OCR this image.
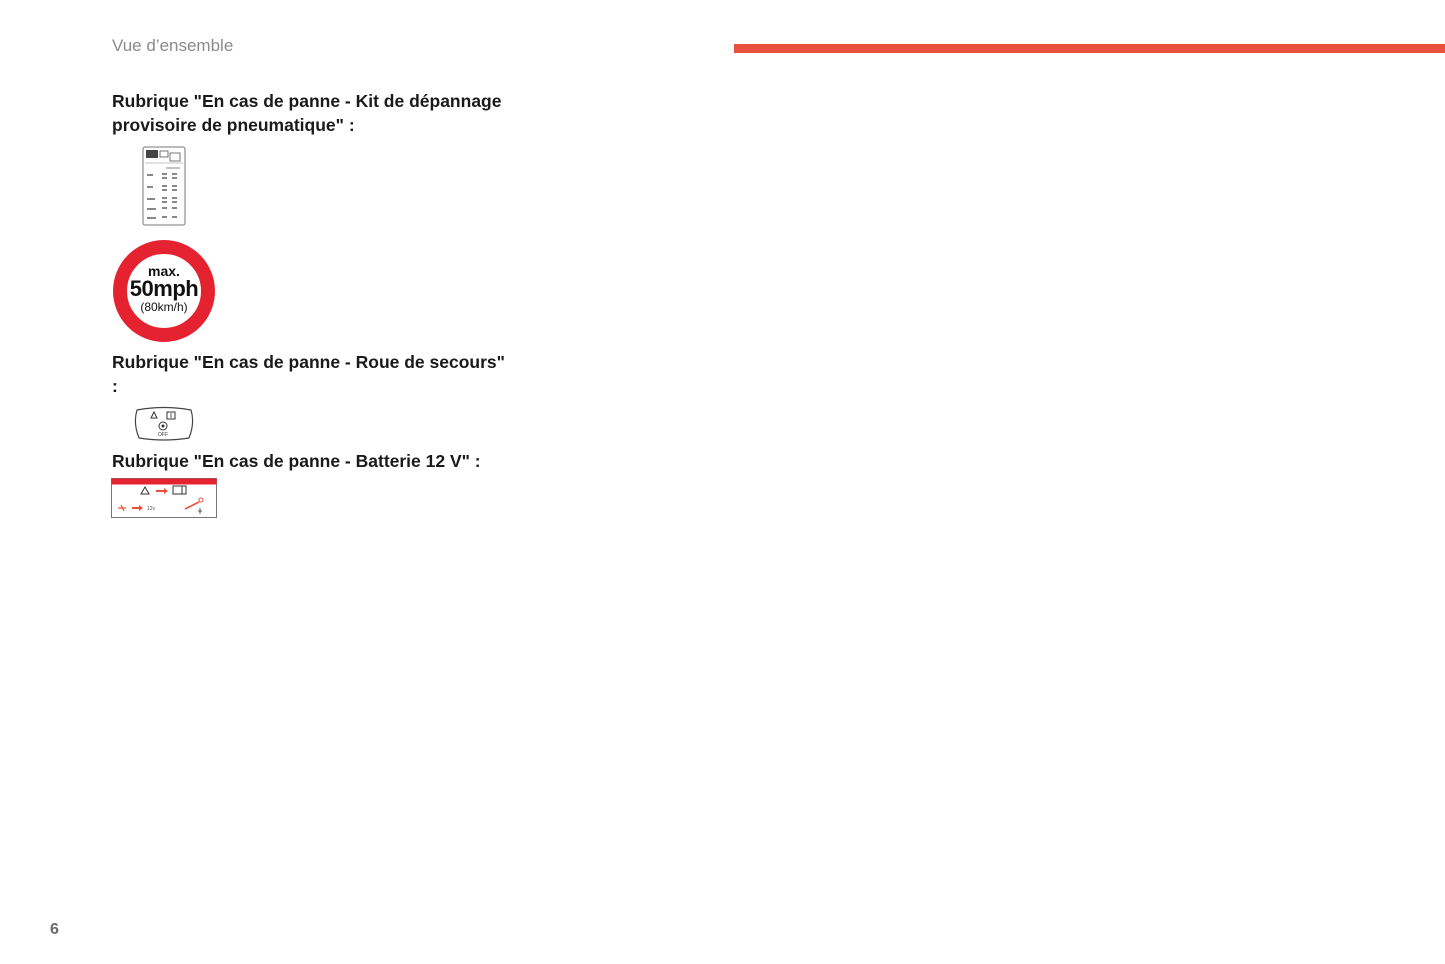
Vue d’ensemble
Rubrique "En cas de panne - Kit de dépannage provisoire de pneumatique" :
max.
50mph
(80km/h)
Rubrique "En cas de panne - Roue de secours" :
OFF
Rubrique "En cas de panne - Batterie 12 V" :
12v
6
